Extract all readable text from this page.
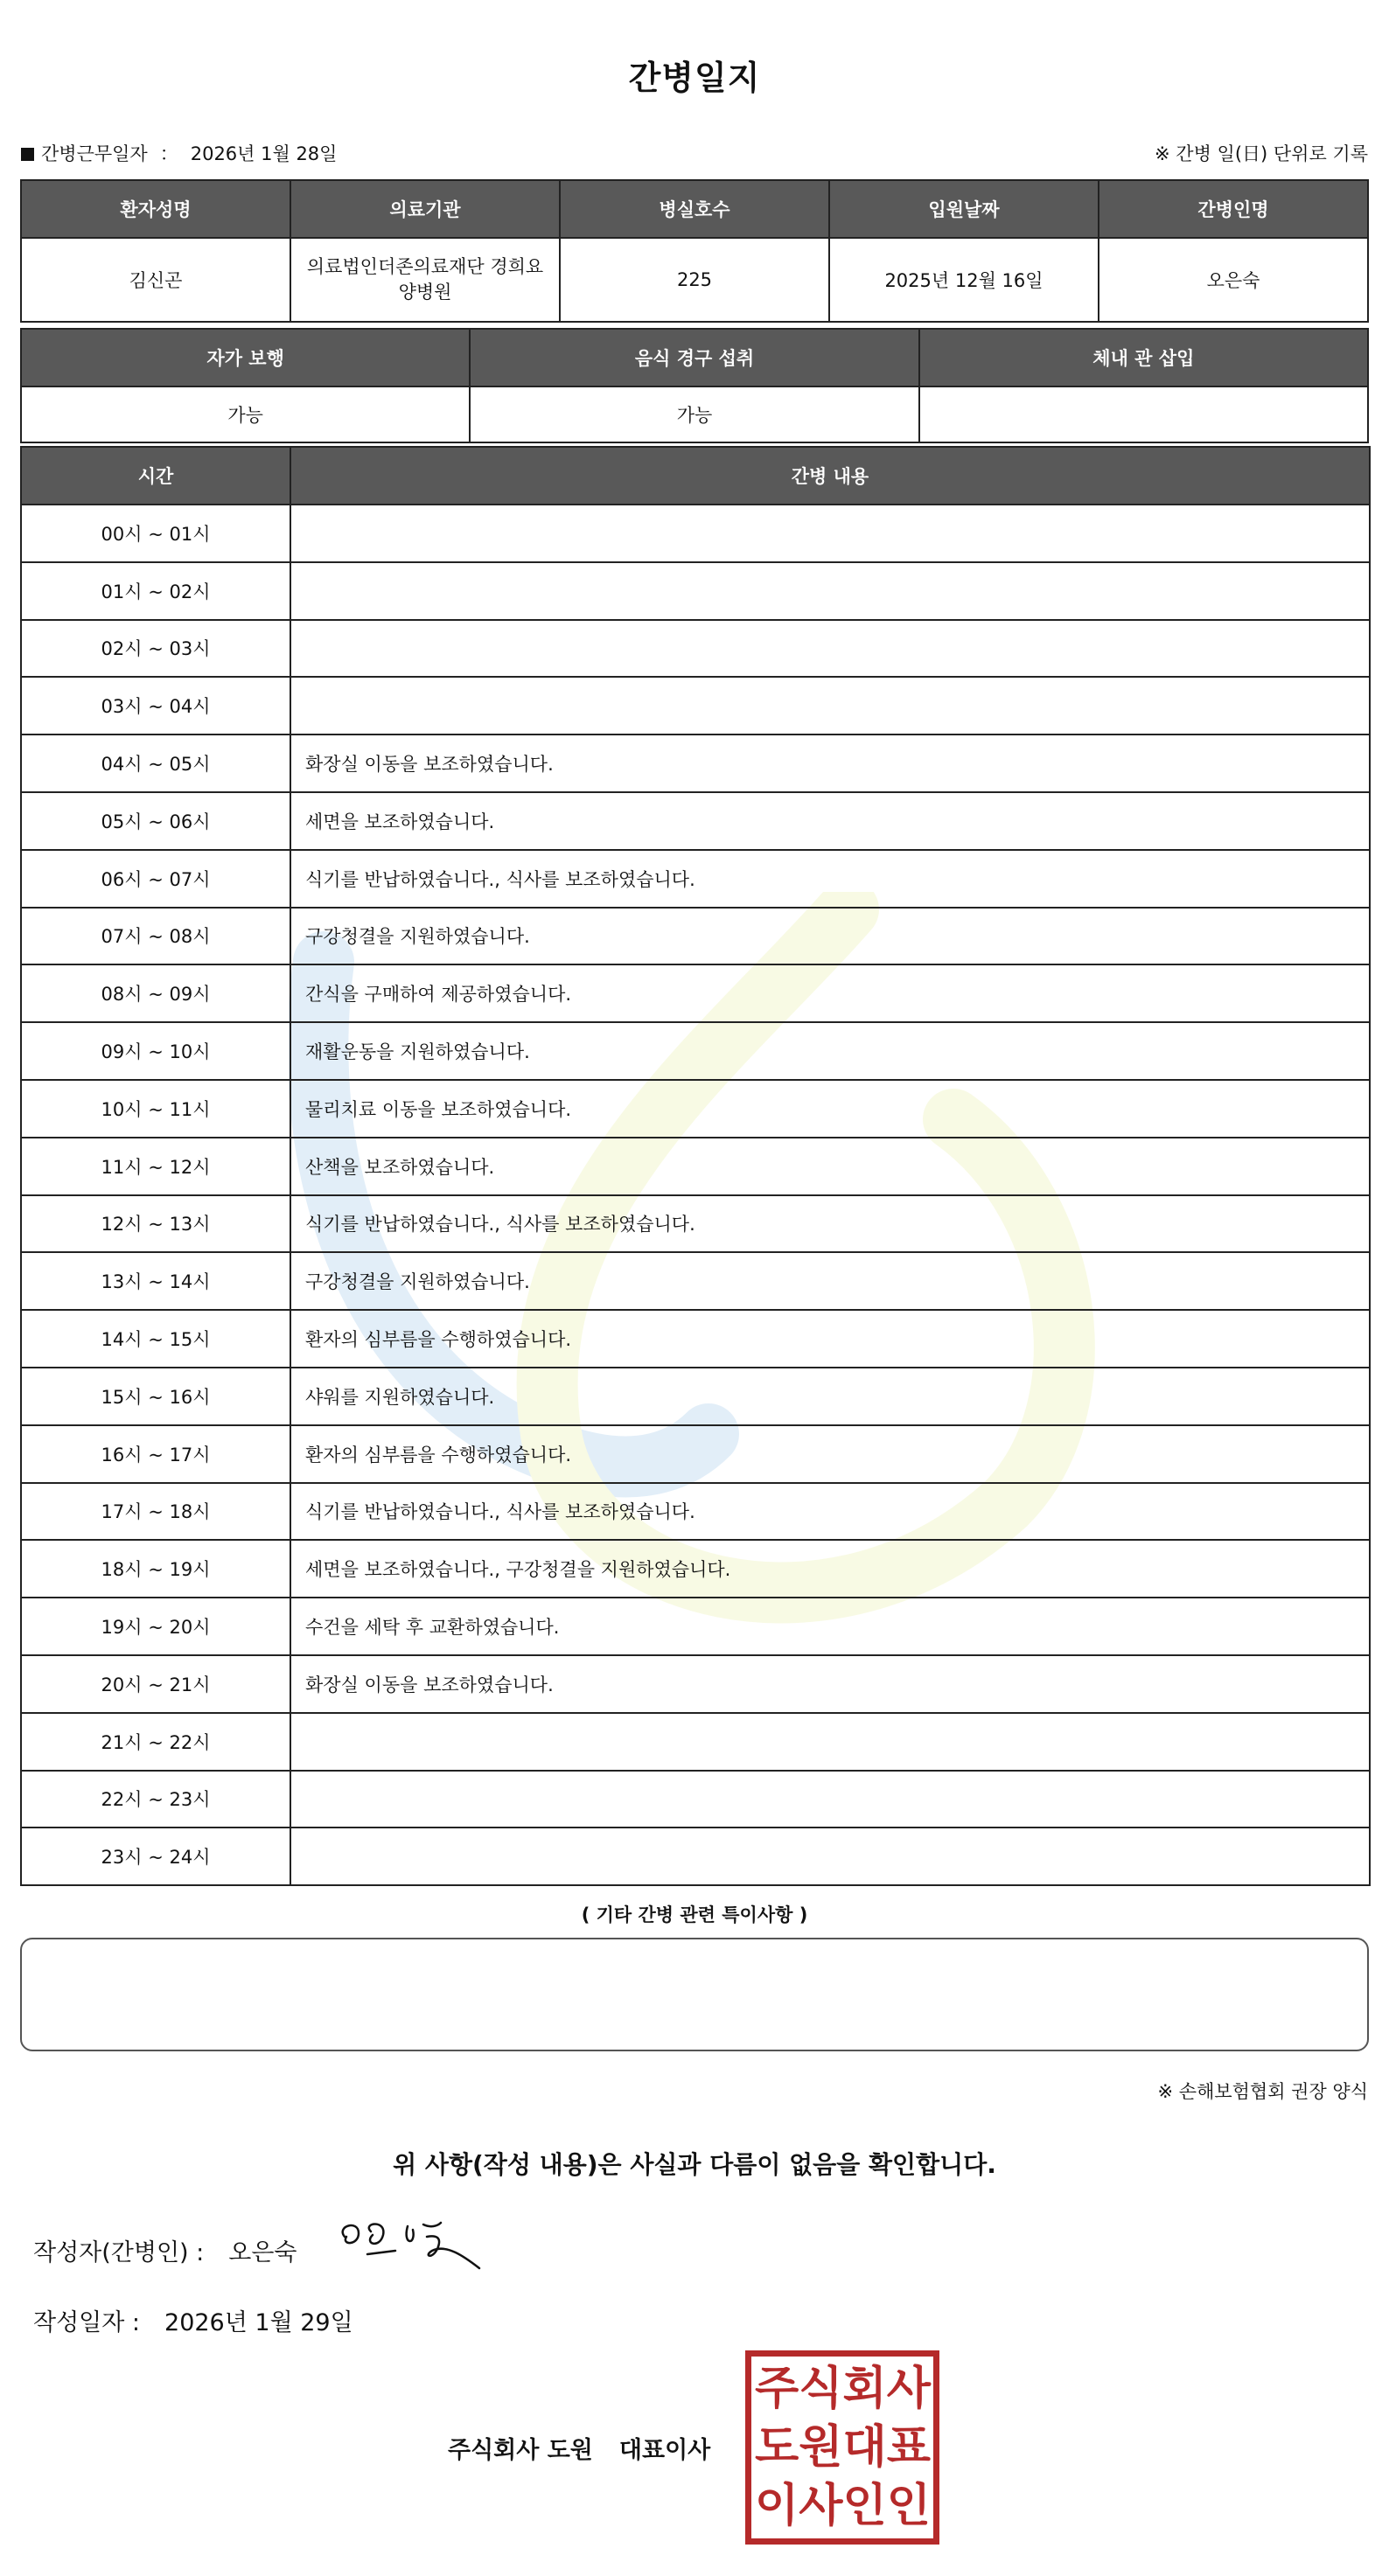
간병일지
간병근무일자 ： 2026년 1월 28일	※ 간병 일(日) 단위로 기록
환자성명	의료기관	병실호수	입원날짜	간병인명
김신곤	의료법인더존의료재단 경희요양병원	225	2025년 12월 16일	오은숙
자가 보행	음식 경구 섭취	체내 관 삽입
가능	가능	
시간	간병 내용
00시 ~ 01시	
01시 ~ 02시	
02시 ~ 03시	
03시 ~ 04시	
04시 ~ 05시	화장실 이동을 보조하였습니다.
05시 ~ 06시	세면을 보조하였습니다.
06시 ~ 07시	식기를 반납하였습니다., 식사를 보조하였습니다.
07시 ~ 08시	구강청결을 지원하였습니다.
08시 ~ 09시	간식을 구매하여 제공하였습니다.
09시 ~ 10시	재활운동을 지원하였습니다.
10시 ~ 11시	물리치료 이동을 보조하였습니다.
11시 ~ 12시	산책을 보조하였습니다.
12시 ~ 13시	식기를 반납하였습니다., 식사를 보조하였습니다.
13시 ~ 14시	구강청결을 지원하였습니다.
14시 ~ 15시	환자의 심부름을 수행하였습니다.
15시 ~ 16시	샤워를 지원하였습니다.
16시 ~ 17시	환자의 심부름을 수행하였습니다.
17시 ~ 18시	식기를 반납하였습니다., 식사를 보조하였습니다.
18시 ~ 19시	세면을 보조하였습니다., 구강청결을 지원하였습니다.
19시 ~ 20시	수건을 세탁 후 교환하였습니다.
20시 ~ 21시	화장실 이동을 보조하였습니다.
21시 ~ 22시	
22시 ~ 23시	
23시 ~ 24시	
( 기타 간병 관련 특이사항 )
※ 손해보험협회 권장 양식
위 사항(작성 내용)은 사실과 다름이 없음을 확인합니다.
작성자(간병인) : 오은숙
작성일자 : 2026년 1월 29일
주식회사 도원 대표이사
주 식 회 사
도 원 대 표
이 사 인 인
